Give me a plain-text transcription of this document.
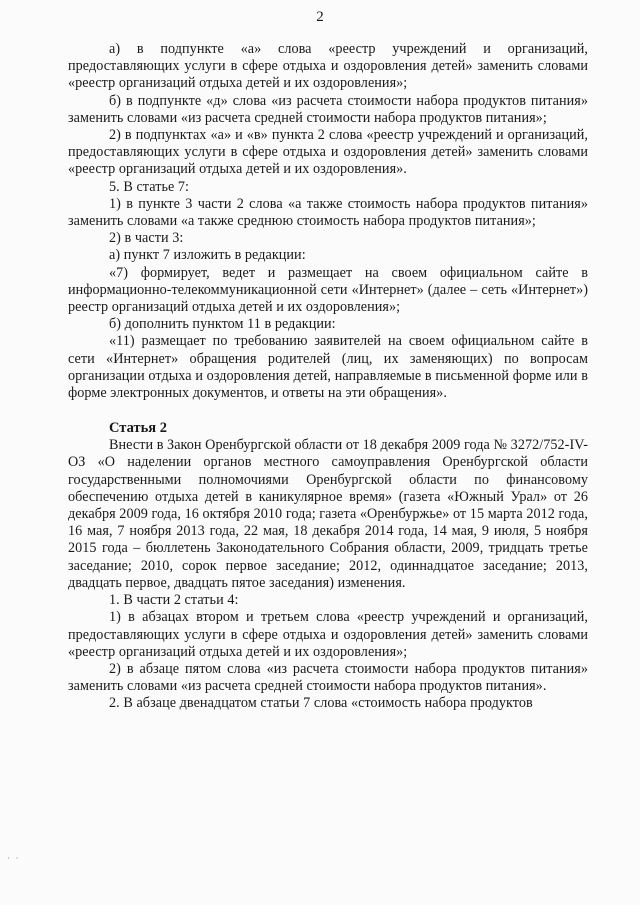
2

а) в подпункте «а» слова «реестр учреждений и организаций, предоставляющих услуги в сфере отдыха и оздоровления детей» заменить словами «реестр организаций отдыха детей и их оздоровления»;

б) в подпункте «д» слова «из расчета стоимости набора продуктов питания» заменить словами «из расчета средней стоимости набора продуктов питания»;

2) в подпунктах «а» и «в» пункта 2 слова «реестр учреждений и организаций, предоставляющих услуги в сфере отдыха и оздоровления детей» заменить словами «реестр организаций отдыха детей и их оздоровления».

5. В статье 7:

1) в пункте 3 части 2 слова «а также стоимость набора продуктов питания» заменить словами «а также среднюю стоимость набора продуктов питания»;

2) в части 3:

а) пункт 7 изложить в редакции:

«7) формирует, ведет и размещает на своем официальном сайте в информационно-телекоммуникационной сети «Интернет» (далее – сеть «Интернет») реестр организаций отдыха детей и их оздоровления»;

б) дополнить пунктом 11 в редакции:

«11) размещает по требованию заявителей на своем официальном сайте в сети «Интернет» обращения родителей (лиц, их заменяющих) по вопросам организации отдыха и оздоровления детей, направляемые в письменной форме или в форме электронных документов, и ответы на эти обращения».

Статья 2

Внести в Закон Оренбургской области от 18 декабря 2009 года № 3272/752-IV-ОЗ «О наделении органов местного самоуправления Оренбургской области государственными полномочиями Оренбургской области по финансовому обеспечению отдыха детей в каникулярное время» (газета «Южный Урал» от 26 декабря 2009 года, 16 октября 2010 года; газета «Оренбуржье» от 15 марта 2012 года, 16 мая, 7 ноября 2013 года, 22 мая, 18 декабря 2014 года, 14 мая, 9 июля, 5 ноября 2015 года – бюллетень Законодательного Собрания области, 2009, тридцать третье заседание; 2010, сорок первое заседание; 2012, одиннадцатое заседание; 2013, двадцать первое, двадцать пятое заседания) изменения.

1. В части 2 статьи 4:

1) в абзацах втором и третьем слова «реестр учреждений и организаций, предоставляющих услуги в сфере отдыха и оздоровления детей» заменить словами «реестр организаций отдыха детей и их оздоровления»;

2) в абзаце пятом слова «из расчета стоимости набора продуктов питания» заменить словами «из расчета средней стоимости набора продуктов питания».

2. В абзаце двенадцатом статьи 7 слова «стоимость набора продуктов

· ·
